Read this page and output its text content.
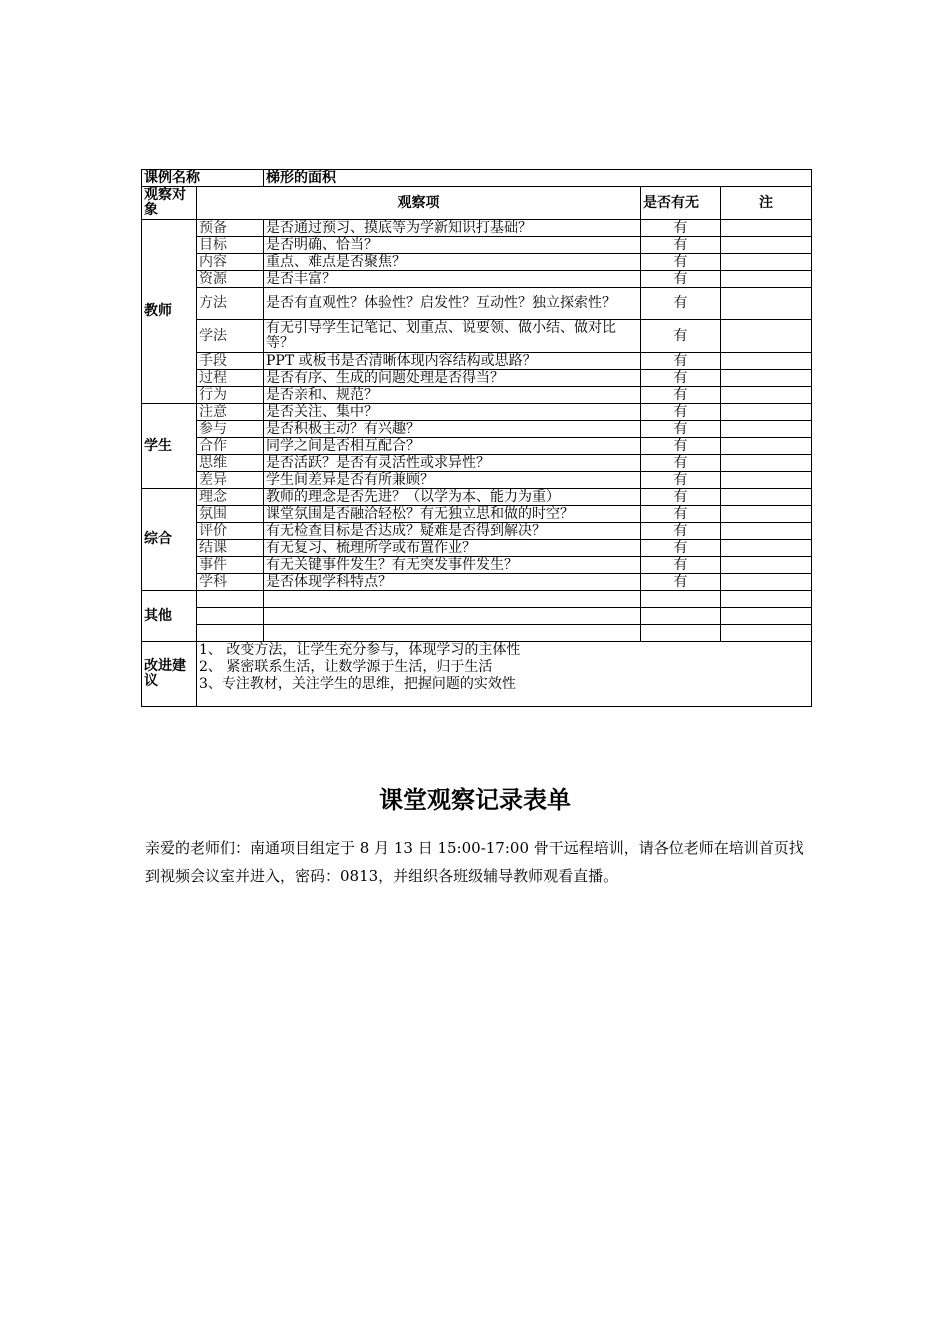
课例名称		梯形的面积		
观察对象	观察项		是否有无	注
教师	预备	是否通过预习、摸底等为学新知识打基础？	有	
	目标	是否明确、恰当？	有	
	内容	重点、难点是否聚焦？	有	
	资源	是否丰富？	有	
	方法	是否有直观性？体验性？启发性？互动性？独立探索性？	有	
	学法	有无引导学生记笔记、划重点、说要领、做小结、做对比等？	有	
	手段	PPT 或板书是否清晰体现内容结构或思路？	有	
	过程	是否有序、生成的问题处理是否得当？	有	
	行为	是否亲和、规范？	有	
学生	注意	是否关注、集中？	有	
	参与	是否积极主动？有兴趣？	有	
	合作	同学之间是否相互配合？	有	
	思维	是否活跃？是否有灵活性或求异性？	有	
	差异	学生间差异是否有所兼顾？	有	
综合	理念	教师的理念是否先进？（以学为本、能力为重）	有	
	氛围	课堂氛围是否融洽轻松？有无独立思和做的时空？	有	
	评价	有无检查目标是否达成？疑难是否得到解决？	有	
	结课	有无复习、梳理所学或布置作业？	有	
	事件	有无关键事件发生？有无突发事件发生？	有	
	学科	是否体现学科特点？	有	
其他				

改进建议	1、 改变方法，让学生充分参与，体现学习的主体性
2、 紧密联系生活，让数学源于生活，归于生活
3、专注教材，关注学生的思维，把握问题的实效性			
课堂观察记录表单
亲爱的老师们：南通项目组定于 8 月 13 日 15:00-17:00 骨干远程培训，请各位老师在培训首页找到视频会议室并进入，密码：0813，并组织各班级辅导教师观看直播。
